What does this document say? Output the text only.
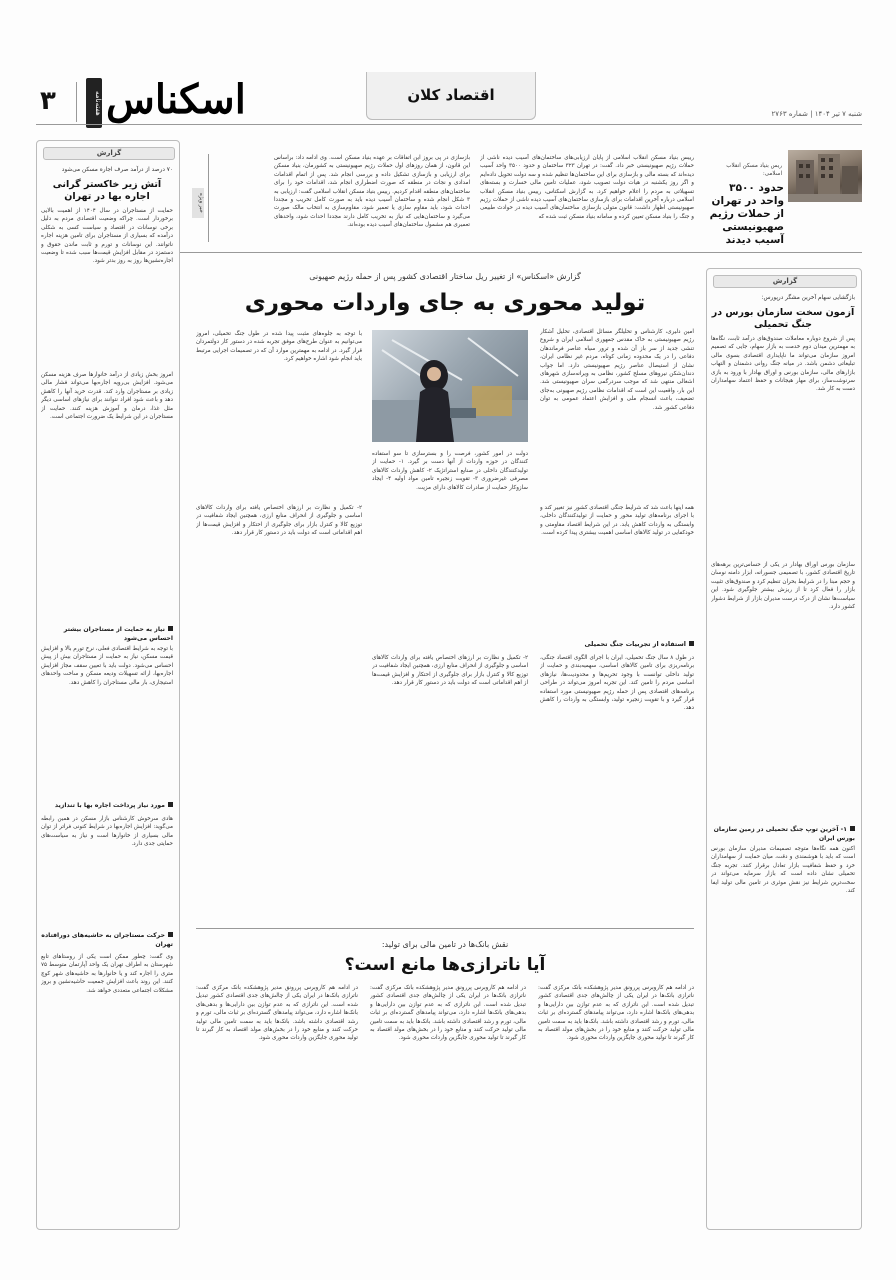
۳	هفته‌نامه اسکناس	اقتصاد کلان
شنبه ۷ تیر ۱۴۰۴ | شماره ۲۷۶۳
ریس بنیاد مسکن انقلاب اسلامی:
حدود ۳۵۰۰ واحد در تهران از حملات رژیم صهیونیستی آسیب دیدند
رییس بنیاد مسکن انقلاب اسلامی از پایان ارزیابی‌های ساختمان‌های آسیب دیده ناشی از حملات رژیم صهیونیستی خبر داد. گفت: در تهران ۳۲۳ ساختمان و حدود ۳۵۰۰ واحد آسیب دیده‌اند که بسته مالی و بازسازی برای این ساختمان‌ها تنظیم شده و سه دولت تحویل داده‌ایم و اگر روز یکشنبه در هیات دولت تصویب شود، عملیات تامین مالی خسارت و بسته‌های تسهیلاتی به مردم را اعلام خواهیم کرد. به گزارش اسکناس، رییس بنیاد مسکن انقلاب اسلامی درباره آخرین اقدامات برای بازسازی ساختمان‌های آسیب دیده ناشی از حملات رژیم صهیونیستی اظهار داشت: قانون متولی بازسازی ساختمان‌های آسیب دیده در حوادث طبیعی و جنگ را بنیاد مسکن تعیین کرده و سامانه بنیاد مسکن ثبت شده که
بازسازی در پی بروز این اتفاقات بر عهده بنیاد مسکن است. وی ادامه داد: براساس این قانون، از همان روزهای اول حملات رژیم صهیونیستی به کشورمان، بنیاد مسکن برای ارزیابی و بازسازی تشکیل داده و بررسی انجام شد. پس از اتمام اقدامات امدادی و نجات در منطقه که صورت اضطراری انجام شد، اقدامات خود را برای ساختمان‌های منطقه اقدام کردیم. رییس بنیاد مسکن انقلاب اسلامی گفت: ارزیابی به ۳ شکل انجام شده و ساختمان آسیب دیده باید به صورت کامل تخریب و مجددا احداث شود، باید مقاوم سازی یا تعمیر شود، مقاوم‌سازی به انتخاب مالک صورت می‌گیرد و ساختمان‌هایی که نیاز به تخریب کامل دارند مجددا احداث شود، واحدهای تعمیری هم مشمول ساختمان‌های آسیب دیده بوده‌اند.
خبر ویژه
گزارش
بازگشایی سهام آخرین مشگر درپورس:
آزمون سخت سازمان بورس در جنگ تحمیلی
پس از شروع دوباره معاملات صندوق‌های درآمد ثابت، نگاه‌ها به مهمترین میدان دوم خدمت به بازار سهام، جایی که تصمیم امروز سازمان می‌تواند ما ناپایداری اقتصادی بسوی مالی تبلیغاتی دشمن باشد. در میانه جنگ روانی دشمنان و التهاب بازارهای مالی، سازمان بورس و اوراق بهادار با ورود به بازی سرنوشت‌ساز، برای مهار هیجانات و حفظ اعتماد سهامداران دست به کار شد.
سازمان بورس اوراق بهادار در یکی از حساس‌ترین برهه‌های تاریخ اقتصادی کشور، با تصمیمی جسورانه، ابزار دامنه نوسان و حجم مبنا را در شرایط بحران تنظیم کرد و صندوق‌های تثبیت بازار را فعال کرد تا از ریزش بیشتر جلوگیری شود. این سیاست‌ها نشان از درک درست مدیران بازار از شرایط دشوار کشور دارد.
۱- آخرین توپ جنگ تحمیلی در زمین سازمان بورس ایران
اکنون همه نگاه‌ها متوجه تصمیمات مدیران سازمان بورس است که باید با هوشمندی و دقت، میان حمایت از سهامداران خرد و حفظ شفافیت بازار تعادل برقرار کنند. تجربه جنگ تحمیلی نشان داده است که بازار سرمایه می‌تواند در سخت‌ترین شرایط نیز نقش موثری در تامین مالی تولید ایفا کند.
گزارش
۷۰ درصد از درآمد صرف اجاره مسکن می‌شود
آتش زیر خاکستر گرانی اجاره بها در تهران
حمایت از مستاجران در سال ۱۴۰۴ از اهمیت بالایی برخوردار است. چراکه وضعیت اقتصادی مردم به دلیل برخی نوسانات در اقتصاد و سیاست کسی به شکلی درآمده که بسیاری از مستاجران برای تامین هزینه اجاره ناتوانند. این نوسانات و تورم و ثابت ماندن حقوق و دستمزد در مقابل افزایش قیمت‌ها سبب شده تا وضعیت اجاره‌نشین‌ها روز به روز بدتر شود.
امروز بخش زیادی از درآمد خانوارها صرف هزینه مسکن می‌شود. افزایش بی‌رویه اجاره‌بها می‌تواند فشار مالی زیادی بر مستاجران وارد کند. قدرت خرید آنها را کاهش دهد و باعث شود افراد نتوانند برای نیازهای اساسی دیگر مثل غذا، درمان و آموزش هزینه کنند. حمایت از مستاجران در این شرایط یک ضرورت اجتماعی است.
نیاز به حمایت از مستاجران بیشتر احساس می‌شود
با توجه به شرایط اقتصادی فعلی، نرخ تورم بالا و افزایش قیمت مسکن، نیاز به حمایت از مستاجران بیش از پیش احساس می‌شود. دولت باید با تعیین سقف مجاز افزایش اجاره‌بها، ارائه تسهیلات ودیعه مسکن و ساخت واحدهای استیجاری، بار مالی مستاجران را کاهش دهد.
مورد نیاز پرداخت اجاره بها با تندازید
هادی سرخوش کارشناس بازار مسکن در همین رابطه می‌گوید: افزایش اجاره‌بها در شرایط کنونی فراتر از توان مالی بسیاری از خانوارها است و نیاز به سیاست‌های حمایتی جدی دارد.
حرکت مستاجران به حاشیه‌های دورافتاده تهران
وی گفت: چطور ممکن است یکی از روستاهای تابع شهرستان به اطراف تهران یک واحد آپارتمان متوسط ۷۵ متری را اجاره کند و یا خانوارها به حاشیه‌های شهر کوچ کنند. این روند باعث افزایش جمعیت حاشیه‌نشین و بروز مشکلات اجتماعی متعددی خواهد شد.
گزارش «اسکناس» از تغییر ریل ساختار اقتصادی کشور پس از حمله رژیم صهیونی
تولید محوری به جای واردات محوری
امین دلیری، کارشناس و تحلیلگر مسائل اقتصادی، تحلیل آشکار رژیم صهیونیستی به خاک مقدس جمهوری اسلامی ایران و شروع تنشی جدید از سر باز آن شده و ترور سیاه عناصر فرماندهان دفاعی را در یک محدوده زمانی کوتاه، مردم غیر نظامی ایران، نشان از استیصال عناصر رژیم صهیونیستی دارد. اما جواب دندان‌شکن نیروهای مسلح کشور، نظامی به ویرانه‌سازی شهرهای اشغالی منتهی شد که موجب سردرگمی سران صهیونیستی شد. این بار، واقعیت این است که اقدامات نظامی رژیم صهیونی به‌جای تضعیف، باعث انسجام ملی و افزایش اعتماد عمومی به توان دفاعی کشور شد.
همه اینها باعث شد که شرایط جنگی اقتصادی کشور نیز تغییر کند و با اجرای برنامه‌های تولید محور و حمایت از تولیدکنندگان داخلی، وابستگی به واردات کاهش یابد. در این شرایط اقتصاد مقاومتی و خودکفایی در تولید کالاهای اساسی اهمیت بیشتری پیدا کرده است.
استفاده از تجربیات جنگ تحمیلی
در طول ۸ سال جنگ تحمیلی، ایران با اجرای الگوی اقتصاد جنگی، برنامه‌ریزی برای تامین کالاهای اساسی، سهمیه‌بندی و حمایت از تولید داخلی توانست با وجود تحریم‌ها و محدودیت‌ها، نیازهای اساسی مردم را تامین کند. این تجربه امروز می‌تواند در طراحی برنامه‌های اقتصادی پس از حمله رژیم صهیونیستی مورد استفاده قرار گیرد و با تقویت زنجیره تولید، وابستگی به واردات را کاهش دهد.
با توجه به جلوه‌های مثبت پیدا شده در طول جنگ تحمیلی، امروز می‌توانیم به عنوان طرح‌های موفق تجربه شده در دستور کار دولتمردان قرار گیرد. در ادامه به مهمترین موارد آن که در تصمیمات اجرایی مرتبط باید انجام شود اشاره خواهیم کرد.
دولت در امور کشور، فرصت را و بسترسازی تا سو استفاده کنندگان در حوزه واردات از آنها دست بر گیرد. ۱- حمایت از تولیدکنندگان داخلی در صنایع استراتژیک ۲- کاهش واردات کالاهای مصرفی غیرضروری ۳- تقویت زنجیره تامین مواد اولیه ۴- ایجاد سازوکار حمایت از صادرات کالاهای دارای مزیت.
۲- تکمیل و نظارت بر ارزهای اختصاص یافته برای واردات کالاهای اساسی و جلوگیری از انحراف منابع ارزی، همچنین ایجاد شفافیت در توزیع کالا و کنترل بازار برای جلوگیری از احتکار و افزایش قیمت‌ها از اهم اقداماتی است که دولت باید در دستور کار قرار دهد.
۲- تکمیل و نظارت بر ارزهای اختصاص یافته برای واردات کالاهای اساسی و جلوگیری از انحراف منابع ارزی، همچنین ایجاد شفافیت در توزیع کالا و کنترل بازار برای جلوگیری از احتکار و افزایش قیمت‌ها از اهم اقداماتی است که دولت باید در دستور کار قرار دهد.
نقش بانک‌ها در تامین مالی برای تولید:
آیا ناترازی‌ها مانع است؟
در ادامه هم کاروبرس پررونق مدیر پژوهشکده بانک مرکزی گفت: ناترازی بانک‌ها در ایران یکی از چالش‌های جدی اقتصادی کشور تبدیل شده است. این ناترازی که به عدم توازن بین دارایی‌ها و بدهی‌های بانک‌ها اشاره دارد، می‌تواند پیامدهای گسترده‌ای بر ثبات مالی، تورم و رشد اقتصادی داشته باشد. بانک‌ها باید به سمت تامین مالی تولید حرکت کنند و منابع خود را در بخش‌های مولد اقتصاد به کار گیرند تا تولید محوری جایگزین واردات محوری شود.
در ادامه هم کاروبرس پررونق مدیر پژوهشکده بانک مرکزی گفت: ناترازی بانک‌ها در ایران یکی از چالش‌های جدی اقتصادی کشور تبدیل شده است. این ناترازی که به عدم توازن بین دارایی‌ها و بدهی‌های بانک‌ها اشاره دارد، می‌تواند پیامدهای گسترده‌ای بر ثبات مالی، تورم و رشد اقتصادی داشته باشد. بانک‌ها باید به سمت تامین مالی تولید حرکت کنند و منابع خود را در بخش‌های مولد اقتصاد به کار گیرند تا تولید محوری جایگزین واردات محوری شود.
در ادامه هم کاروبرس پررونق مدیر پژوهشکده بانک مرکزی گفت: ناترازی بانک‌ها در ایران یکی از چالش‌های جدی اقتصادی کشور تبدیل شده است. این ناترازی که به عدم توازن بین دارایی‌ها و بدهی‌های بانک‌ها اشاره دارد، می‌تواند پیامدهای گسترده‌ای بر ثبات مالی، تورم و رشد اقتصادی داشته باشد. بانک‌ها باید به سمت تامین مالی تولید حرکت کنند و منابع خود را در بخش‌های مولد اقتصاد به کار گیرند تا تولید محوری جایگزین واردات محوری شود.
